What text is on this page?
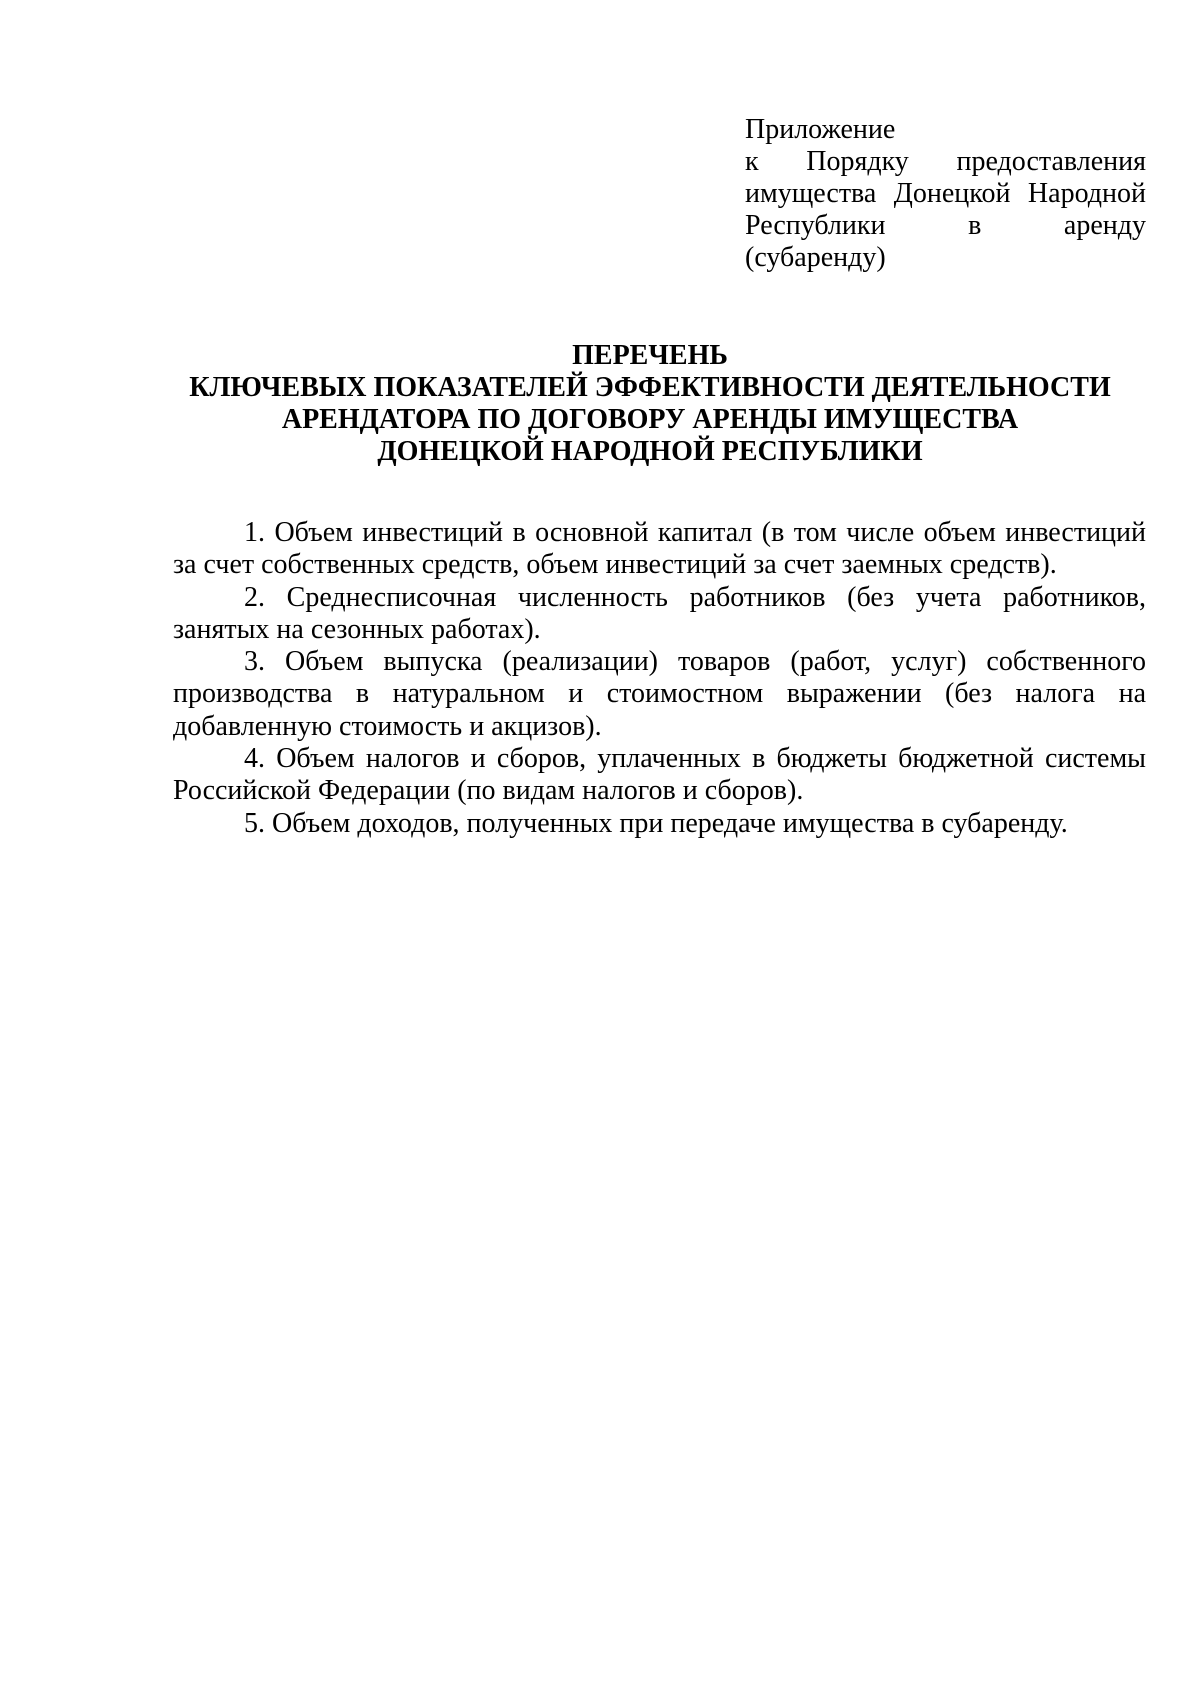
Приложение
к Порядку предоставления
имущества Донецкой Народной
Республики	в	аренду
(субаренду)
ПЕРЕЧЕНЬ
КЛЮЧЕВЫХ ПОКАЗАТЕЛЕЙ ЭФФЕКТИВНОСТИ ДЕЯТЕЛЬНОСТИ
АРЕНДАТОРА ПО ДОГОВОРУ АРЕНДЫ ИМУЩЕСТВА
ДОНЕЦКОЙ НАРОДНОЙ РЕСПУБЛИКИ

1. Объем инвестиций в основной капитал (в том числе объем инвестиций за счет собственных средств, объем инвестиций за счет заемных средств).

2. Среднесписочная численность работников (без учета работников, занятых на сезонных работах).

3. Объем выпуска (реализации) товаров (работ, услуг) собственного производства в натуральном и стоимостном выражении (без налога на добавленную стоимость и акцизов).

4. Объем налогов и сборов, уплаченных в бюджеты бюджетной системы Российской Федерации (по видам налогов и сборов).

5. Объем доходов, полученных при передаче имущества в субаренду.
